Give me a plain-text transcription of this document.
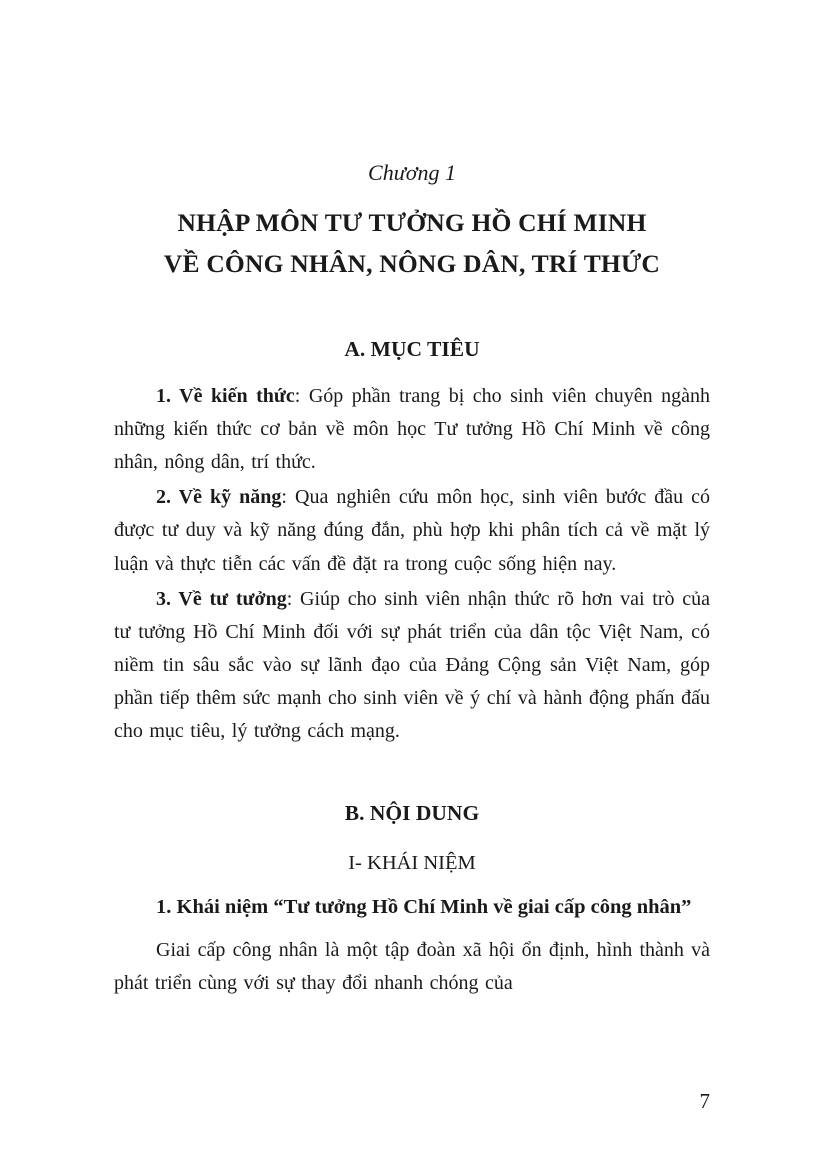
Chương 1

NHẬP MÔN TƯ TƯỞNG HỒ CHÍ MINH
VỀ CÔNG NHÂN, NÔNG DÂN, TRÍ THỨC
A. MỤC TIÊU

1. Về kiến thức: Góp phần trang bị cho sinh viên chuyên ngành những kiến thức cơ bản về môn học Tư tưởng Hồ Chí Minh về công nhân, nông dân, trí thức.

2. Về kỹ năng: Qua nghiên cứu môn học, sinh viên bước đầu có được tư duy và kỹ năng đúng đắn, phù hợp khi phân tích cả về mặt lý luận và thực tiễn các vấn đề đặt ra trong cuộc sống hiện nay.

3. Về tư tưởng: Giúp cho sinh viên nhận thức rõ hơn vai trò của tư tưởng Hồ Chí Minh đối với sự phát triển của dân tộc Việt Nam, có niềm tin sâu sắc vào sự lãnh đạo của Đảng Cộng sản Việt Nam, góp phần tiếp thêm sức mạnh cho sinh viên về ý chí và hành động phấn đấu cho mục tiêu, lý tưởng cách mạng.

B. NỘI DUNG
I- KHÁI NIỆM

1. Khái niệm “Tư tưởng Hồ Chí Minh về giai cấp công nhân”

Giai cấp công nhân là một tập đoàn xã hội ổn định, hình thành và phát triển cùng với sự thay đổi nhanh chóng của

7
